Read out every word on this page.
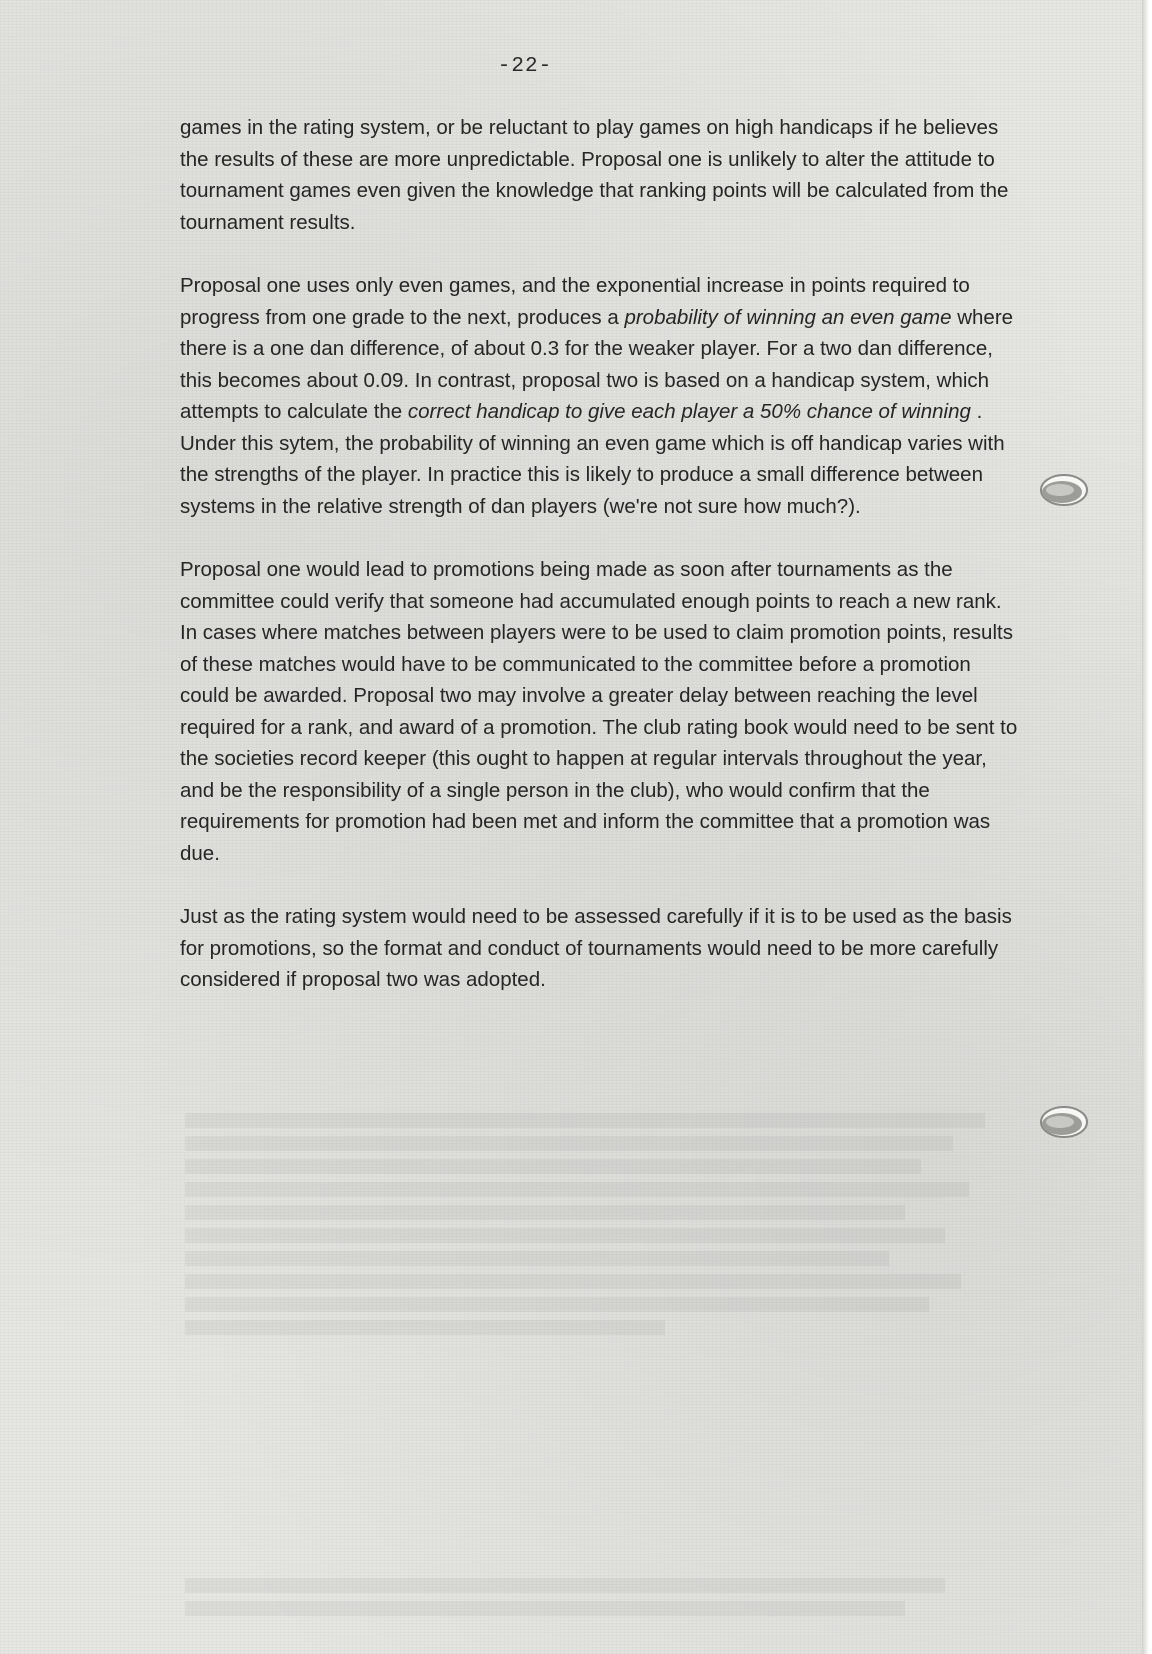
-22-

games in the rating system, or be reluctant to play games on high handicaps if he believes the results of these are more unpredictable. Proposal one is unlikely to alter the attitude to tournament games even given the knowledge that ranking points will be calculated from the tournament results.

Proposal one uses only even games, and the exponential increase in points required to progress from one grade to the next, produces a probability of winning an even game where there is a one dan difference, of about 0.3 for the weaker player. For a two dan difference, this becomes about 0.09. In contrast, proposal two is based on a handicap system, which attempts to calculate the correct handicap to give each player a 50% chance of winning . Under this sytem, the probability of winning an even game which is off handicap varies with the strengths of the player. In practice this is likely to produce a small difference between systems in the relative strength of dan players (we're not sure how much?).

Proposal one would lead to promotions being made as soon after tournaments as the committee could verify that someone had accumulated enough points to reach a new rank. In cases where matches between players were to be used to claim promotion points, results of these matches would have to be communicated to the committee before a promotion could be awarded. Proposal two may involve a greater delay between reaching the level required for a rank, and award of a promotion. The club rating book would need to be sent to the societies record keeper (this ought to happen at regular intervals throughout the year, and be the responsibility of a single person in the club), who would confirm that the requirements for promotion had been met and inform the committee that a promotion was due.

Just as the rating system would need to be assessed carefully if it is to be used as the basis for promotions, so the format and conduct of tournaments would need to be more carefully considered if proposal two was adopted.
